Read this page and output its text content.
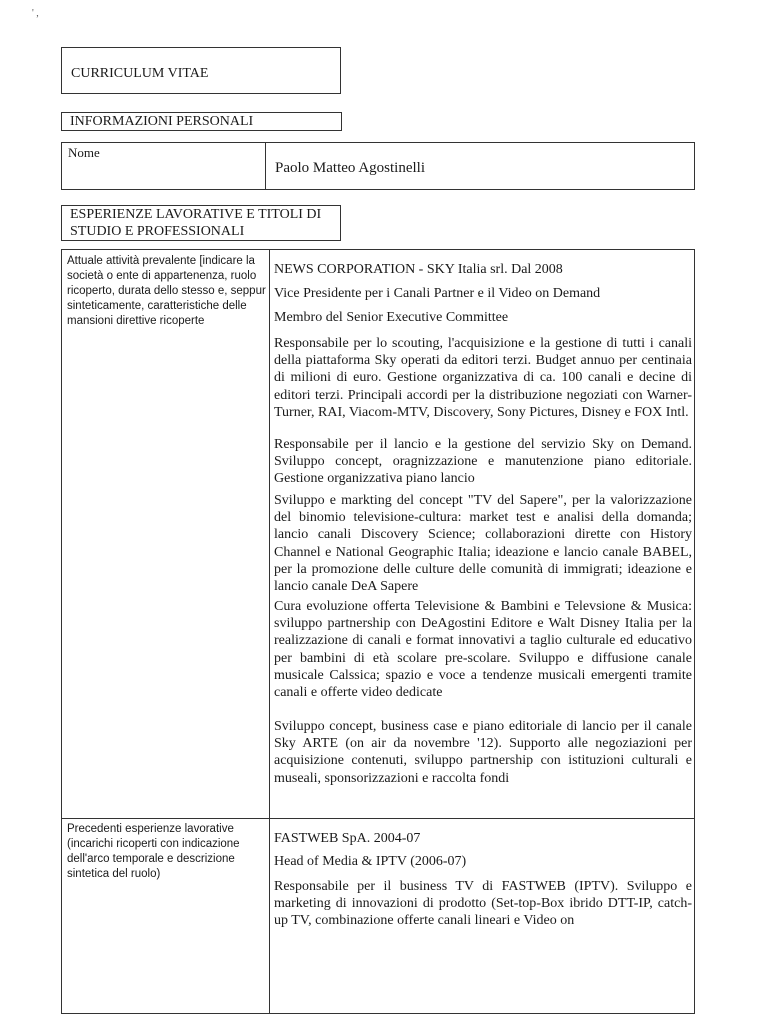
' ,
CURRICULUM VITAE
INFORMAZIONI PERSONALI
Nome
Paolo Matteo Agostinelli
ESPERIENZE LAVORATIVE E TITOLI DI STUDIO E PROFESSIONALI
Attuale attività prevalente [indicare la società o ente di appartenenza, ruolo ricoperto, durata dello stesso e, seppur sinteticamente, caratteristiche delle mansioni direttive ricoperte
NEWS CORPORATION - SKY Italia srl. Dal 2008
Vice Presidente per i Canali Partner e il Video on Demand
Membro del Senior Executive Committee

Responsabile per lo scouting, l'acquisizione e la gestione di tutti i canali della piattaforma Sky operati da editori terzi. Budget annuo per centinaia di milioni di euro. Gestione organizzativa di ca. 100 canali e decine di editori terzi. Principali accordi per la distribuzione negoziati con Warner-Turner, RAI, Viacom-MTV, Discovery, Sony Pictures, Disney e FOX Intl.

Responsabile per il lancio e la gestione del servizio Sky on Demand. Sviluppo concept, oragnizzazione e manutenzione piano editoriale. Gestione organizzativa piano lancio

Sviluppo e markting del concept "TV del Sapere", per la valorizzazione del binomio televisione-cultura: market test e analisi della domanda; lancio canali Discovery Science; collaborazioni dirette con History Channel e National Geographic Italia; ideazione e lancio canale BABEL, per la promozione delle culture delle comunità di immigrati; ideazione e lancio canale DeA Sapere

Cura evoluzione offerta Televisione & Bambini e Televsione & Musica: sviluppo partnership con DeAgostini Editore e Walt Disney Italia per la realizzazione di canali e format innovativi a taglio culturale ed educativo per bambini di età scolare pre-scolare. Sviluppo e diffusione canale musicale Calssica; spazio e voce a tendenze musicali emergenti tramite canali e offerte video dedicate

Sviluppo concept, business case e piano editoriale di lancio per il canale Sky ARTE (on air da novembre '12). Supporto alle negoziazioni per acquisizione contenuti, sviluppo partnership con istituzioni culturali e museali, sponsorizzazioni e raccolta fondi

Precedenti esperienze lavorative (incarichi ricoperti con indicazione dell'arco temporale e descrizione sintetica del ruolo)
FASTWEB SpA. 2004-07
Head of Media & IPTV (2006-07)

Responsabile per il business TV di FASTWEB (IPTV). Sviluppo e marketing di innovazioni di prodotto (Set-top-Box ibrido DTT-IP, catch-up TV, combinazione offerte canali lineari e Video on
